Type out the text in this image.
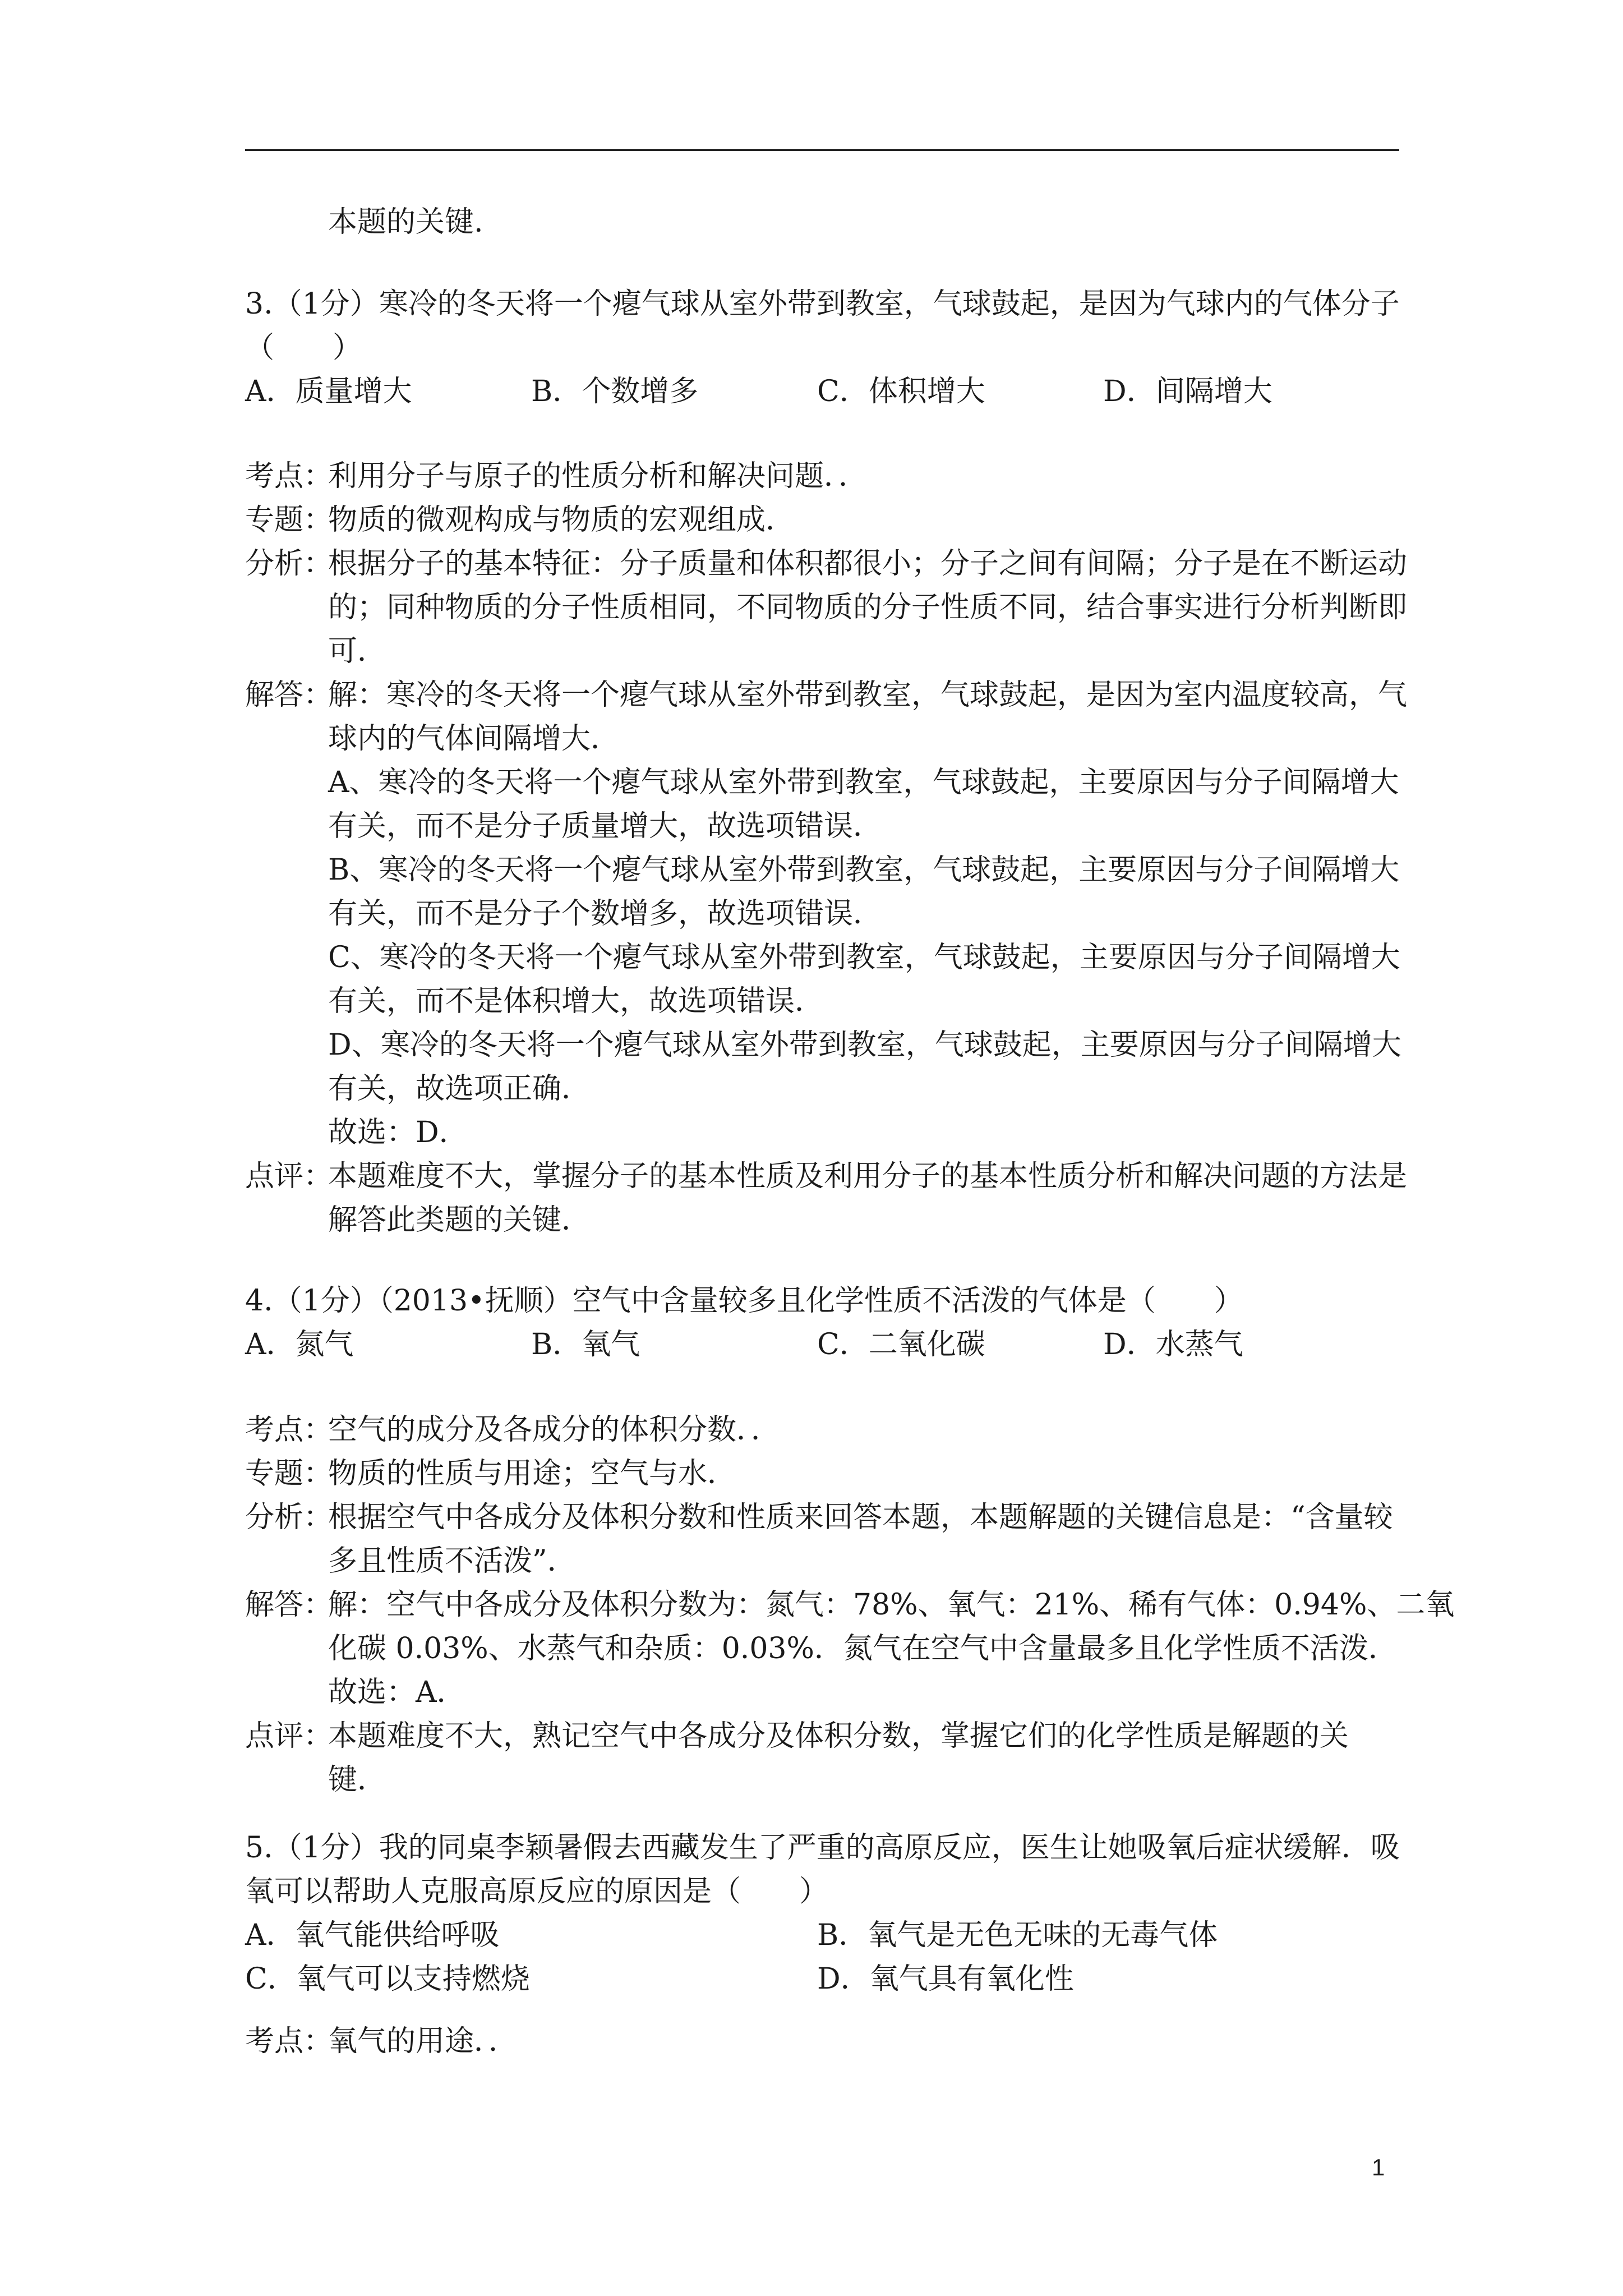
本题的关键.
3.（1分）寒冷的冬天将一个瘪气球从室外带到教室，气球鼓起，是因为气球内的气体分子
（　　）
A．质量增大	B．个数增多	C．体积增大	D．间隔增大
考点：
利用分子与原子的性质分析和解决问题．．
专题：
物质的微观构成与物质的宏观组成．
分析：
根据分子的基本特征：分子质量和体积都很小；分子之间有间隔；分子是在不断运动
的；同种物质的分子性质相同，不同物质的分子性质不同，结合事实进行分析判断即
可．
解答：
解：寒冷的冬天将一个瘪气球从室外带到教室，气球鼓起，是因为室内温度较高，气
球内的气体间隔增大．
A、寒冷的冬天将一个瘪气球从室外带到教室，气球鼓起，主要原因与分子间隔增大
有关，而不是分子质量增大，故选项错误．
B、寒冷的冬天将一个瘪气球从室外带到教室，气球鼓起，主要原因与分子间隔增大
有关，而不是分子个数增多，故选项错误．
C、寒冷的冬天将一个瘪气球从室外带到教室，气球鼓起，主要原因与分子间隔增大
有关，而不是体积增大，故选项错误．
D、寒冷的冬天将一个瘪气球从室外带到教室，气球鼓起，主要原因与分子间隔增大
有关，故选项正确．
故选：D．
点评：
本题难度不大，掌握分子的基本性质及利用分子的基本性质分析和解决问题的方法是
解答此类题的关键．
4.（1分）（2013•抚顺）空气中含量较多且化学性质不活泼的气体是（　　）
A．氮气	B．氧气	C．二氧化碳	D．水蒸气
考点：
空气的成分及各成分的体积分数．．
专题：
物质的性质与用途；空气与水．
分析：
根据空气中各成分及体积分数和性质来回答本题，本题解题的关键信息是：“含量较
多且性质不活泼”．
解答：
解：空气中各成分及体积分数为：氮气：78%、氧气：21%、稀有气体：0.94%、二氧
化碳 0.03%、水蒸气和杂质：0.03%．氮气在空气中含量最多且化学性质不活泼．
故选：A．
点评：
本题难度不大，熟记空气中各成分及体积分数，掌握它们的化学性质是解题的关
键．
5.（1分）我的同桌李颖暑假去西藏发生了严重的高原反应，医生让她吸氧后症状缓解．吸
氧可以帮助人克服高原反应的原因是（　　）
A．氧气能供给呼吸	B．氧气是无色无味的无毒气体
C．氧气可以支持燃烧	D．氧气具有氧化性
考点：
氧气的用途．．
1
